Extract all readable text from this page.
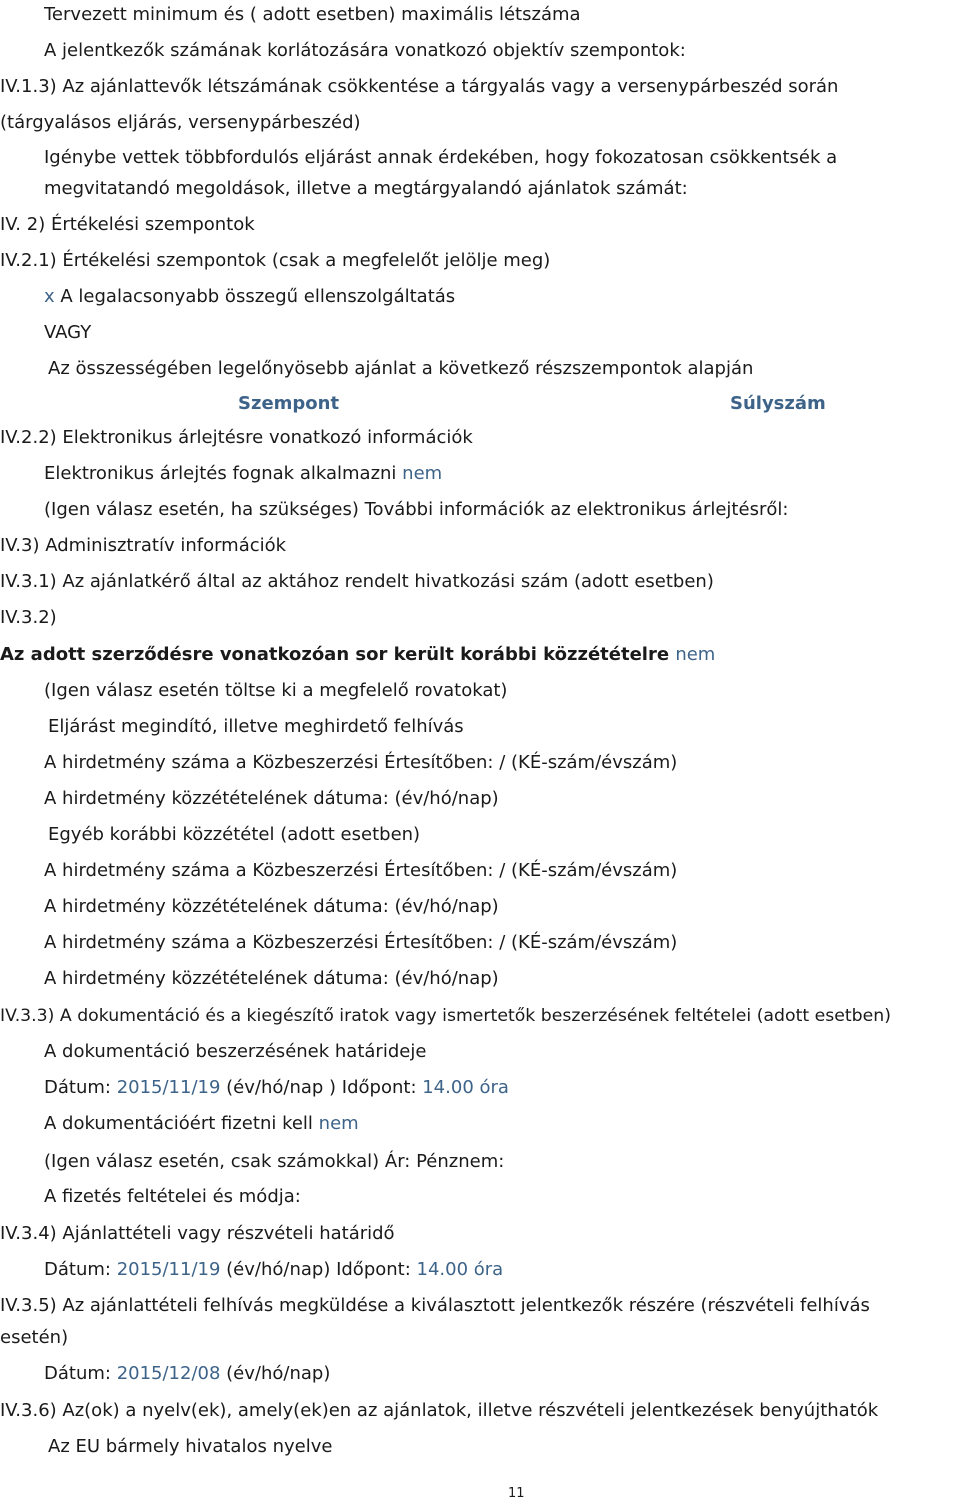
Tervezett minimum és ( adott esetben) maximális létszáma
A jelentkezők számának korlátozására vonatkozó objektív szempontok:
IV.1.3) Az ajánlattevők létszámának csökkentése a tárgyalás vagy a versenypárbeszéd során
(tárgyalásos eljárás, versenypárbeszéd)
Igénybe vettek többfordulós eljárást annak érdekében, hogy fokozatosan csökkentsék a
megvitatandó megoldások, illetve a megtárgyalandó ajánlatok számát:
IV. 2) Értékelési szempontok
IV.2.1) Értékelési szempontok (csak a megfelelőt jelölje meg)
x A legalacsonyabb összegű ellenszolgáltatás
VAGY
Az összességében legelőnyösebb ajánlat a következő részszempontok alapján
Szempont	Súlyszám
IV.2.2) Elektronikus árlejtésre vonatkozó információk
Elektronikus árlejtés fognak alkalmazni nem
(Igen válasz esetén, ha szükséges) További információk az elektronikus árlejtésről:
IV.3) Adminisztratív információk
IV.3.1) Az ajánlatkérő által az aktához rendelt hivatkozási szám (adott esetben)
IV.3.2)
Az adott szerződésre vonatkozóan sor került korábbi közzétételre nem
(Igen válasz esetén töltse ki a megfelelő rovatokat)
Eljárást megindító, illetve meghirdető felhívás
A hirdetmény száma a Közbeszerzési Értesítőben: / (KÉ-szám/évszám)
A hirdetmény közzétételének dátuma: (év/hó/nap)
Egyéb korábbi közzététel (adott esetben)
A hirdetmény száma a Közbeszerzési Értesítőben: / (KÉ-szám/évszám)
A hirdetmény közzétételének dátuma: (év/hó/nap)
A hirdetmény száma a Közbeszerzési Értesítőben: / (KÉ-szám/évszám)
A hirdetmény közzétételének dátuma: (év/hó/nap)
IV.3.3) A dokumentáció és a kiegészítő iratok vagy ismertetők beszerzésének feltételei (adott esetben)
A dokumentáció beszerzésének határideje
Dátum: 2015/11/19 (év/hó/nap ) Időpont: 14.00 óra
A dokumentációért fizetni kell nem
(Igen válasz esetén, csak számokkal) Ár: Pénznem:
A fizetés feltételei és módja:
IV.3.4) Ajánlattételi vagy részvételi határidő
Dátum: 2015/11/19 (év/hó/nap) Időpont: 14.00 óra
IV.3.5) Az ajánlattételi felhívás megküldése a kiválasztott jelentkezők részére (részvételi felhívás
esetén)
Dátum: 2015/12/08 (év/hó/nap)
IV.3.6) Az(ok) a nyelv(ek), amely(ek)en az ajánlatok, illetve részvételi jelentkezések benyújthatók
Az EU bármely hivatalos nyelve
11
